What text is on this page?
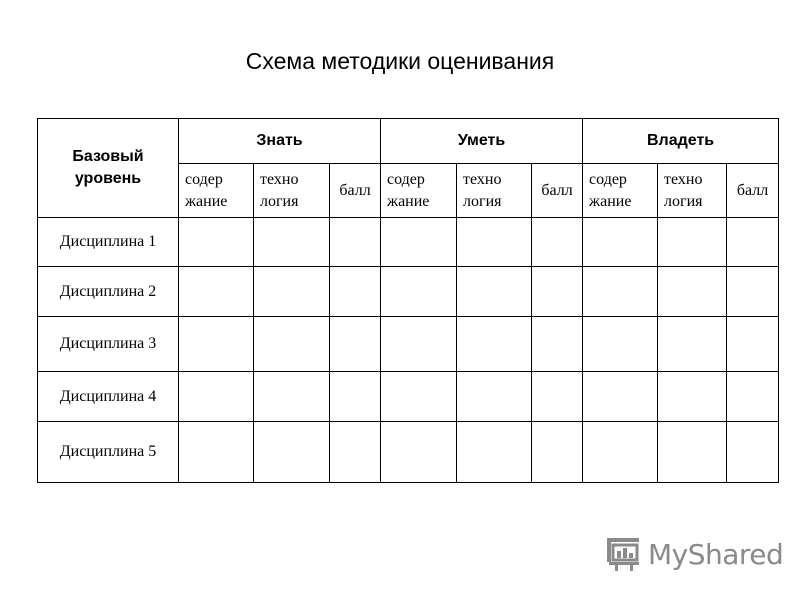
Схема методики оценивания
Базовый уровень	Знать			Уметь			Владеть		
	содер жание	техно логия	балл	содер жание	техно логия	балл	содер жание	техно логия	балл
Дисциплина 1									
Дисциплина 2									
Дисциплина 3									
Дисциплина 4									
Дисциплина 5									
MyShared
